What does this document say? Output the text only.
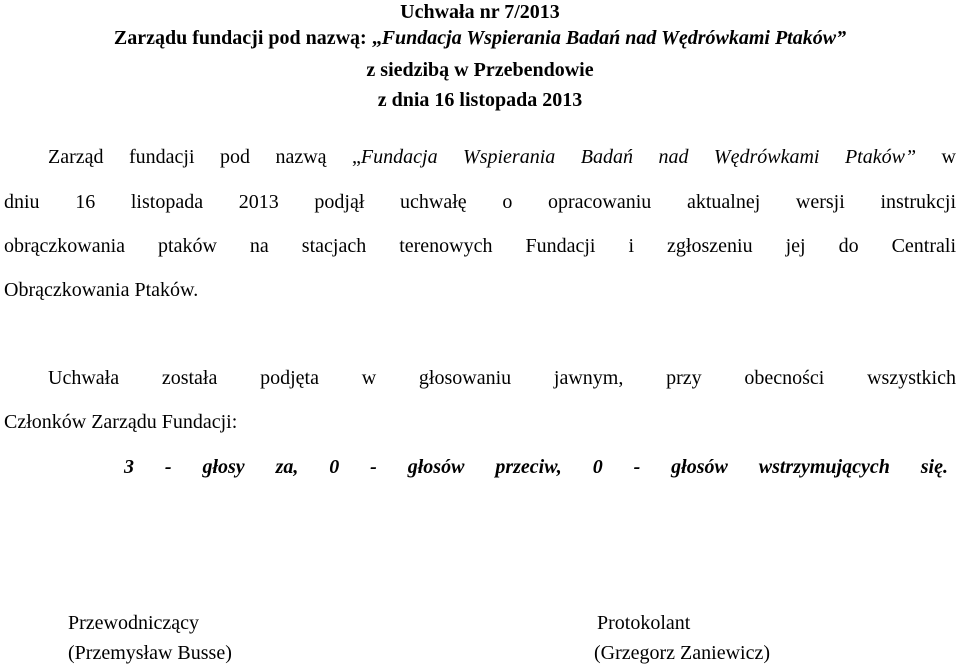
Uchwała nr 7/2013
Zarządu fundacji pod nazwą: „Fundacja Wspierania Badań nad Wędrówkami Ptaków”
z siedzibą w Przebendowie
z dnia 16 listopada 2013
Zarząd fundacji pod nazwą „Fundacja Wspierania Badań nad Wędrówkami Ptaków” w
dniu 16 listopada 2013 podjął uchwałę o opracowaniu aktualnej wersji instrukcji
obrączkowania ptaków na stacjach terenowych Fundacji i zgłoszeniu jej do Centrali
Obrączkowania Ptaków.
Uchwała została podjęta w głosowaniu jawnym, przy obecności wszystkich
Członków Zarządu Fundacji:
3 - głosy za, 0 - głosów przeciw, 0 - głosów wstrzymujących się.
Przewodniczący
(Przemysław Busse)
Protokolant
(Grzegorz Zaniewicz)
